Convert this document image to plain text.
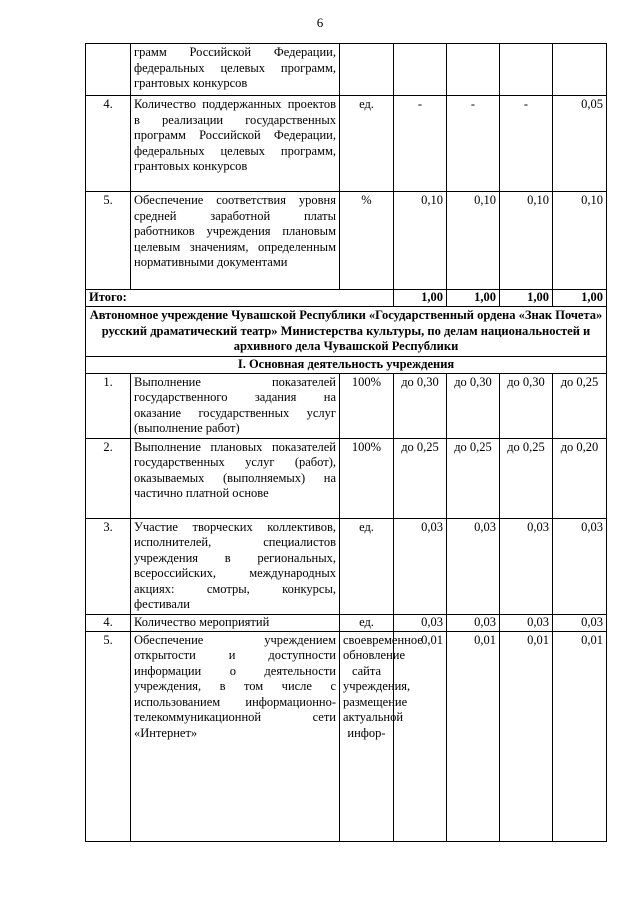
6
	грамм Российской Федерации, федеральных целевых программ, грантовых конкурсов					
4.	Количество поддержанных проектов в реализации государственных программ Российской Федерации, федеральных целевых программ, грантовых конкурсов	ед.	-	-	-	0,05
5.	Обеспечение соответствия уровня средней заработной платы работников учреждения плановым целевым значениям, определенным нормативными документами	%	0,10	0,10	0,10	0,10
Итого:			1,00	1,00	1,00	1,00
Автономное учреждение Чувашской Республики «Государственный ордена «Знак Почета» русский драматический театр» Министерства культуры, по делам национальностей и архивного дела Чувашской Республики						
I. Основная деятельность учреждения						
1.	Выполнение показателей государственного задания на оказание государственных услуг (выполнение работ)	100%	до 0,30	до 0,30	до 0,30	до 0,25
2.	Выполнение плановых показателей государственных услуг (работ), оказываемых (выполняемых) на частично платной основе	100%	до 0,25	до 0,25	до 0,25	до 0,20
3.	Участие творческих коллективов, исполнителей, специалистов учреждения в региональных, всероссийских, международных акциях: смотры, конкурсы, фестивали	ед.	0,03	0,03	0,03	0,03
4.	Количество мероприятий	ед.	0,03	0,03	0,03	0,03
5.	Обеспечение учреждением открытости и доступности информации о деятельности учреждения, в том числе с использованием информационно-телекоммуникационной сети «Интернет»	своевременное обновление сайта учреждения, размещение актуальной инфор-	0,01	0,01	0,01	0,01
